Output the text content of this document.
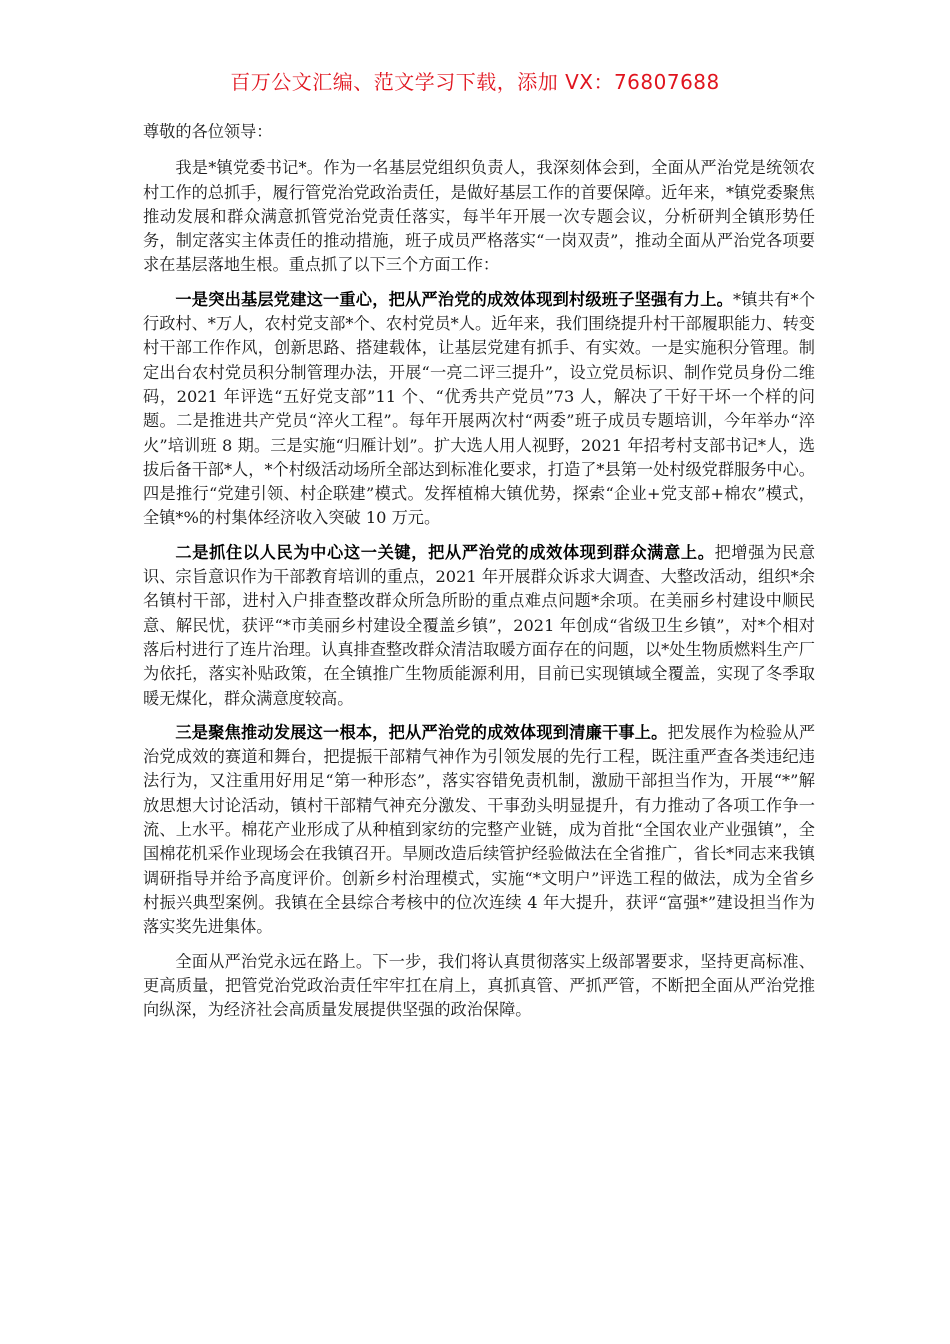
百万公文汇编、范文学习下载，添加 VX：76807688

尊敬的各位领导：

我是*镇党委书记*。作为一名基层党组织负责人，我深刻体会到，全面从严治党是统领农村工作的总抓手，履行管党治党政治责任，是做好基层工作的首要保障。近年来，*镇党委聚焦推动发展和群众满意抓管党治党责任落实，每半年开展一次专题会议，分析研判全镇形势任务，制定落实主体责任的推动措施，班子成员严格落实“一岗双责”，推动全面从严治党各项要求在基层落地生根。重点抓了以下三个方面工作：

一是突出基层党建这一重心，把从严治党的成效体现到村级班子坚强有力上。*镇共有*个行政村、*万人，农村党支部*个、农村党员*人。近年来，我们围绕提升村干部履职能力、转变村干部工作作风，创新思路、搭建载体，让基层党建有抓手、有实效。一是实施积分管理。制定出台农村党员积分制管理办法，开展“一亮二评三提升”，设立党员标识、制作党员身份二维码，2021 年评选“五好党支部”11 个、“优秀共产党员”73 人，解决了干好干坏一个样的问题。二是推进共产党员“淬火工程”。每年开展两次村“两委”班子成员专题培训，今年举办“淬火”培训班 8 期。三是实施“归雁计划”。扩大选人用人视野，2021 年招考村支部书记*人，选拔后备干部*人，*个村级活动场所全部达到标准化要求，打造了*县第一处村级党群服务中心。四是推行“党建引领、村企联建”模式。发挥植棉大镇优势，探索“企业+党支部+棉农”模式，全镇*%的村集体经济收入突破 10 万元。

二是抓住以人民为中心这一关键，把从严治党的成效体现到群众满意上。把增强为民意识、宗旨意识作为干部教育培训的重点，2021 年开展群众诉求大调查、大整改活动，组织*余名镇村干部，进村入户排查整改群众所急所盼的重点难点问题*余项。在美丽乡村建设中顺民意、解民忧，获评“*市美丽乡村建设全覆盖乡镇”，2021 年创成“省级卫生乡镇”，对*个相对落后村进行了连片治理。认真排查整改群众清洁取暖方面存在的问题，以*处生物质燃料生产厂为依托，落实补贴政策，在全镇推广生物质能源利用，目前已实现镇域全覆盖，实现了冬季取暖无煤化，群众满意度较高。

三是聚焦推动发展这一根本，把从严治党的成效体现到清廉干事上。把发展作为检验从严治党成效的赛道和舞台，把提振干部精气神作为引领发展的先行工程，既注重严查各类违纪违法行为，又注重用好用足“第一种形态”，落实容错免责机制，激励干部担当作为，开展“*”解放思想大讨论活动，镇村干部精气神充分激发、干事劲头明显提升，有力推动了各项工作争一流、上水平。棉花产业形成了从种植到家纺的完整产业链，成为首批“全国农业产业强镇”，全国棉花机采作业现场会在我镇召开。旱厕改造后续管护经验做法在全省推广，省长*同志来我镇调研指导并给予高度评价。创新乡村治理模式，实施“*文明户”评选工程的做法，成为全省乡村振兴典型案例。我镇在全县综合考核中的位次连续 4 年大提升，获评“富强*”建设担当作为落实奖先进集体。

全面从严治党永远在路上。下一步，我们将认真贯彻落实上级部署要求，坚持更高标准、更高质量，把管党治党政治责任牢牢扛在肩上，真抓真管、严抓严管，不断把全面从严治党推向纵深，为经济社会高质量发展提供坚强的政治保障。
